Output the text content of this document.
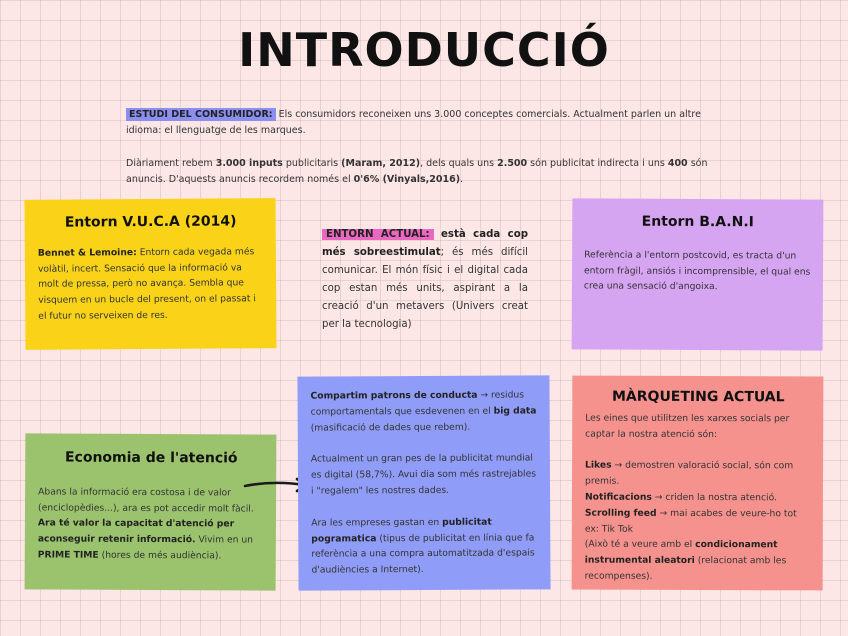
INTRODUCCIÓ
ESTUDI DEL CONSUMIDOR: Els consumidors reconeixen uns 3.000 conceptes comercials. Actualment parlen un altre idioma: el llenguatge de les marques.
Diàriament rebem 3.000 inputs publicitaris (Maram, 2012), dels quals uns 2.500 són publicitat indirecta i uns 400 són anuncis. D'aquests anuncis recordem només el 0'6% (Vinyals,2016).
Entorn V.U.C.A (2014)

Bennet & Lemoine: Entorn cada vegada més volàtil, incert. Sensació que la informació va molt de pressa, però no avança. Sembla que visquem en un bucle del present, on el passat i el futur no serveixen de res.

ENTORN ACTUAL: està cada cop més sobreestimulat; és més difícil comunicar. El món físic i el digital cada cop estan més units, aspirant a la creació d'un metavers (Univers creat per la tecnologia)
Entorn B.A.N.I

Referència a l'entorn postcovid, es tracta d'un entorn fràgil, ansiós i incomprensible, el qual ens crea una sensació d'angoixa.

Economia de l'atenció

Abans la informació era costosa i de valor (enciclopèdies...), ara es pot accedir molt fàcil. Ara té valor la capacitat d'atenció per aconseguir retenir informació. Vivim en un PRIME TIME (hores de més audiència).

Compartim patrons de conducta → residus comportamentals que esdevenen en el big data (masificació de dades que rebem).

Actualment un gran pes de la publicitat mundial es digital (58,7%). Avui dia som més rastrejables i "regalem" les nostres dades.

Ara les empreses gastan en publicitat pogramatica (tipus de publicitat en línia que fa referència a una compra automatitzada d'espais d'audiències a Internet).

MÀRQUETING ACTUAL

Les eines que utilitzen les xarxes socials per captar la nostra atenció són:

Likes → demostren valoració social, són com premis.
Notificacions → criden la nostra atenció.
Scrolling feed → mai acabes de veure-ho tot ex: Tik Tok
(Això té a veure amb el condicionament instrumental aleatori (relacionat amb les recompenses).
